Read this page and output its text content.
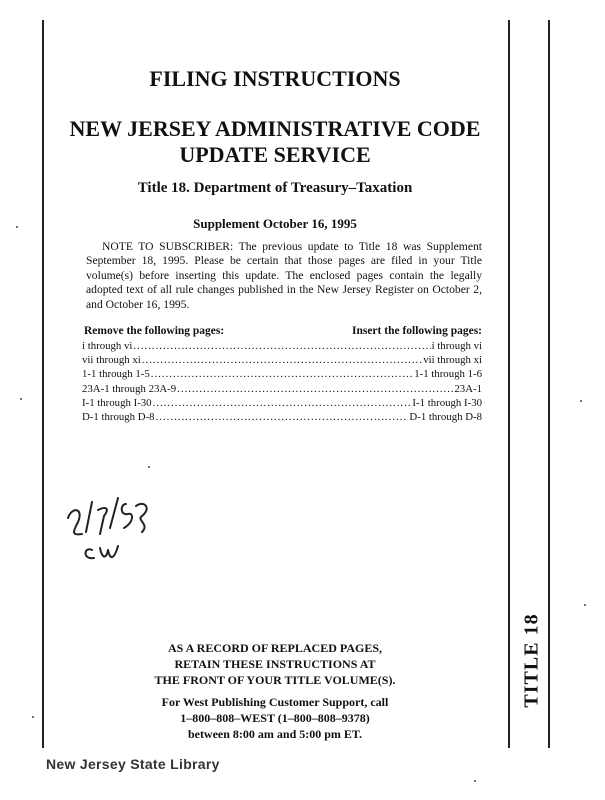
TITLE 18
FILING INSTRUCTIONS
NEW JERSEY ADMINISTRATIVE CODE
UPDATE SERVICE
Title 18. Department of Treasury–Taxation
Supplement October 16, 1995
NOTE TO SUBSCRIBER: The previous update to Title 18 was Supplement September 18, 1995. Please be certain that those pages are filed in your Title volume(s) before inserting this update. The enclosed pages contain the legally adopted text of all rule changes published in the New Jersey Register on October 2, and October 16, 1995.
Remove the following pages:	Insert the following pages:
i through vi .....	i through vi
vii through xi .....	vii through xi
1-1 through 1-5 .....	1-1 through 1-6
23A-1 through 23A-9 .....	23A-1
I-1 through I-30 .....	I-1 through I-30
D-1 through D-8 .....	D-1 through D-8
AS A RECORD OF REPLACED PAGES,
RETAIN THESE INSTRUCTIONS AT
THE FRONT OF YOUR TITLE VOLUME(S).
For West Publishing Customer Support, call
1–800–808–WEST (1–800–808–9378)
between 8:00 am and 5:00 pm ET.
New Jersey State Library
